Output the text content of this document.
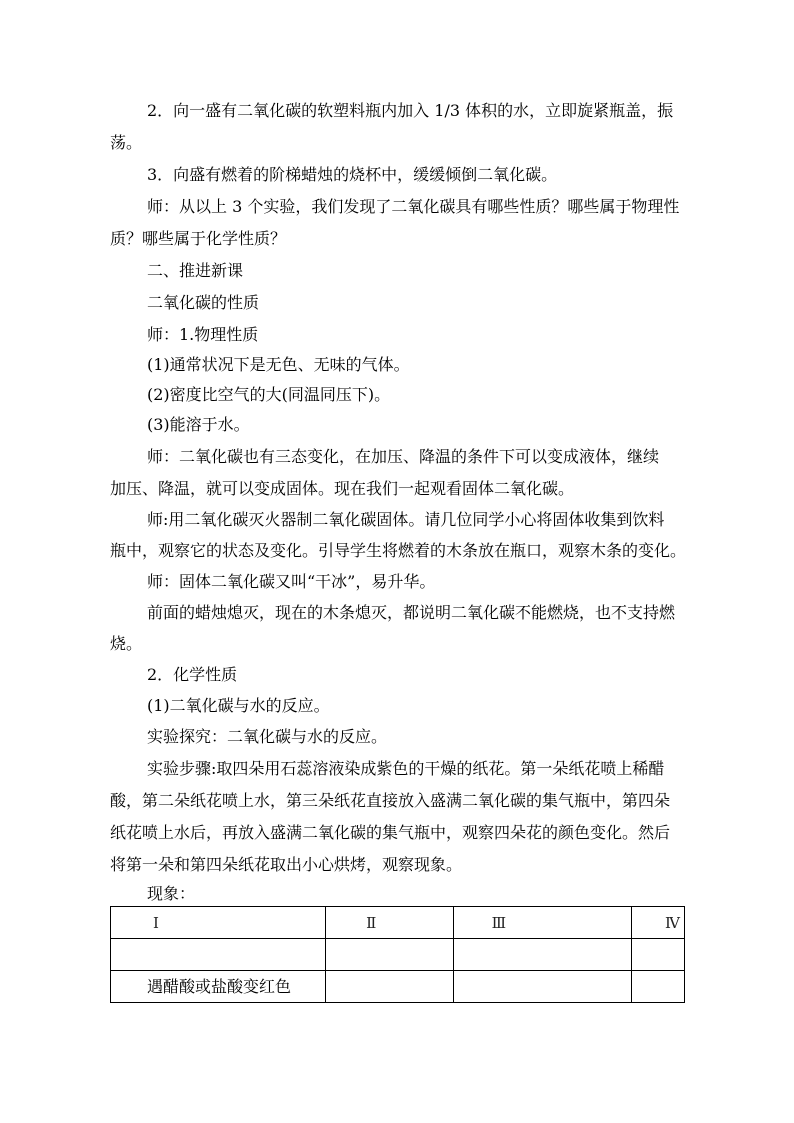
2．向一盛有二氧化碳的软塑料瓶内加入 1/3 体积的水，立即旋紧瓶盖，振
荡。
3．向盛有燃着的阶梯蜡烛的烧杯中，缓缓倾倒二氧化碳。
师：从以上 3 个实验，我们发现了二氧化碳具有哪些性质？哪些属于物理性
质？哪些属于化学性质？
二、推进新课
二氧化碳的性质
师：1.物理性质
(1)通常状况下是无色、无味的气体。
(2)密度比空气的大(同温同压下)。
(3)能溶于水。
师：二氧化碳也有三态变化，在加压、降温的条件下可以变成液体，继续
加压、降温，就可以变成固体。现在我们一起观看固体二氧化碳。
师:用二氧化碳灭火器制二氧化碳固体。请几位同学小心将固体收集到饮料
瓶中，观察它的状态及变化。引导学生将燃着的木条放在瓶口，观察木条的变化。
师：固体二氧化碳又叫“干冰”，易升华。
前面的蜡烛熄灭，现在的木条熄灭，都说明二氧化碳不能燃烧，也不支持燃
烧。
2．化学性质
(1)二氧化碳与水的反应。
实验探究：二氧化碳与水的反应。
实验步骤:取四朵用石蕊溶液染成紫色的干燥的纸花。第一朵纸花喷上稀醋
酸，第二朵纸花喷上水，第三朵纸花直接放入盛满二氧化碳的集气瓶中，第四朵
纸花喷上水后，再放入盛满二氧化碳的集气瓶中，观察四朵花的颜色变化。然后
将第一朵和第四朵纸花取出小心烘烤，观察现象。
现象：
Ⅰ	Ⅱ	Ⅲ	Ⅳ

遇醋酸或盐酸变红色			
